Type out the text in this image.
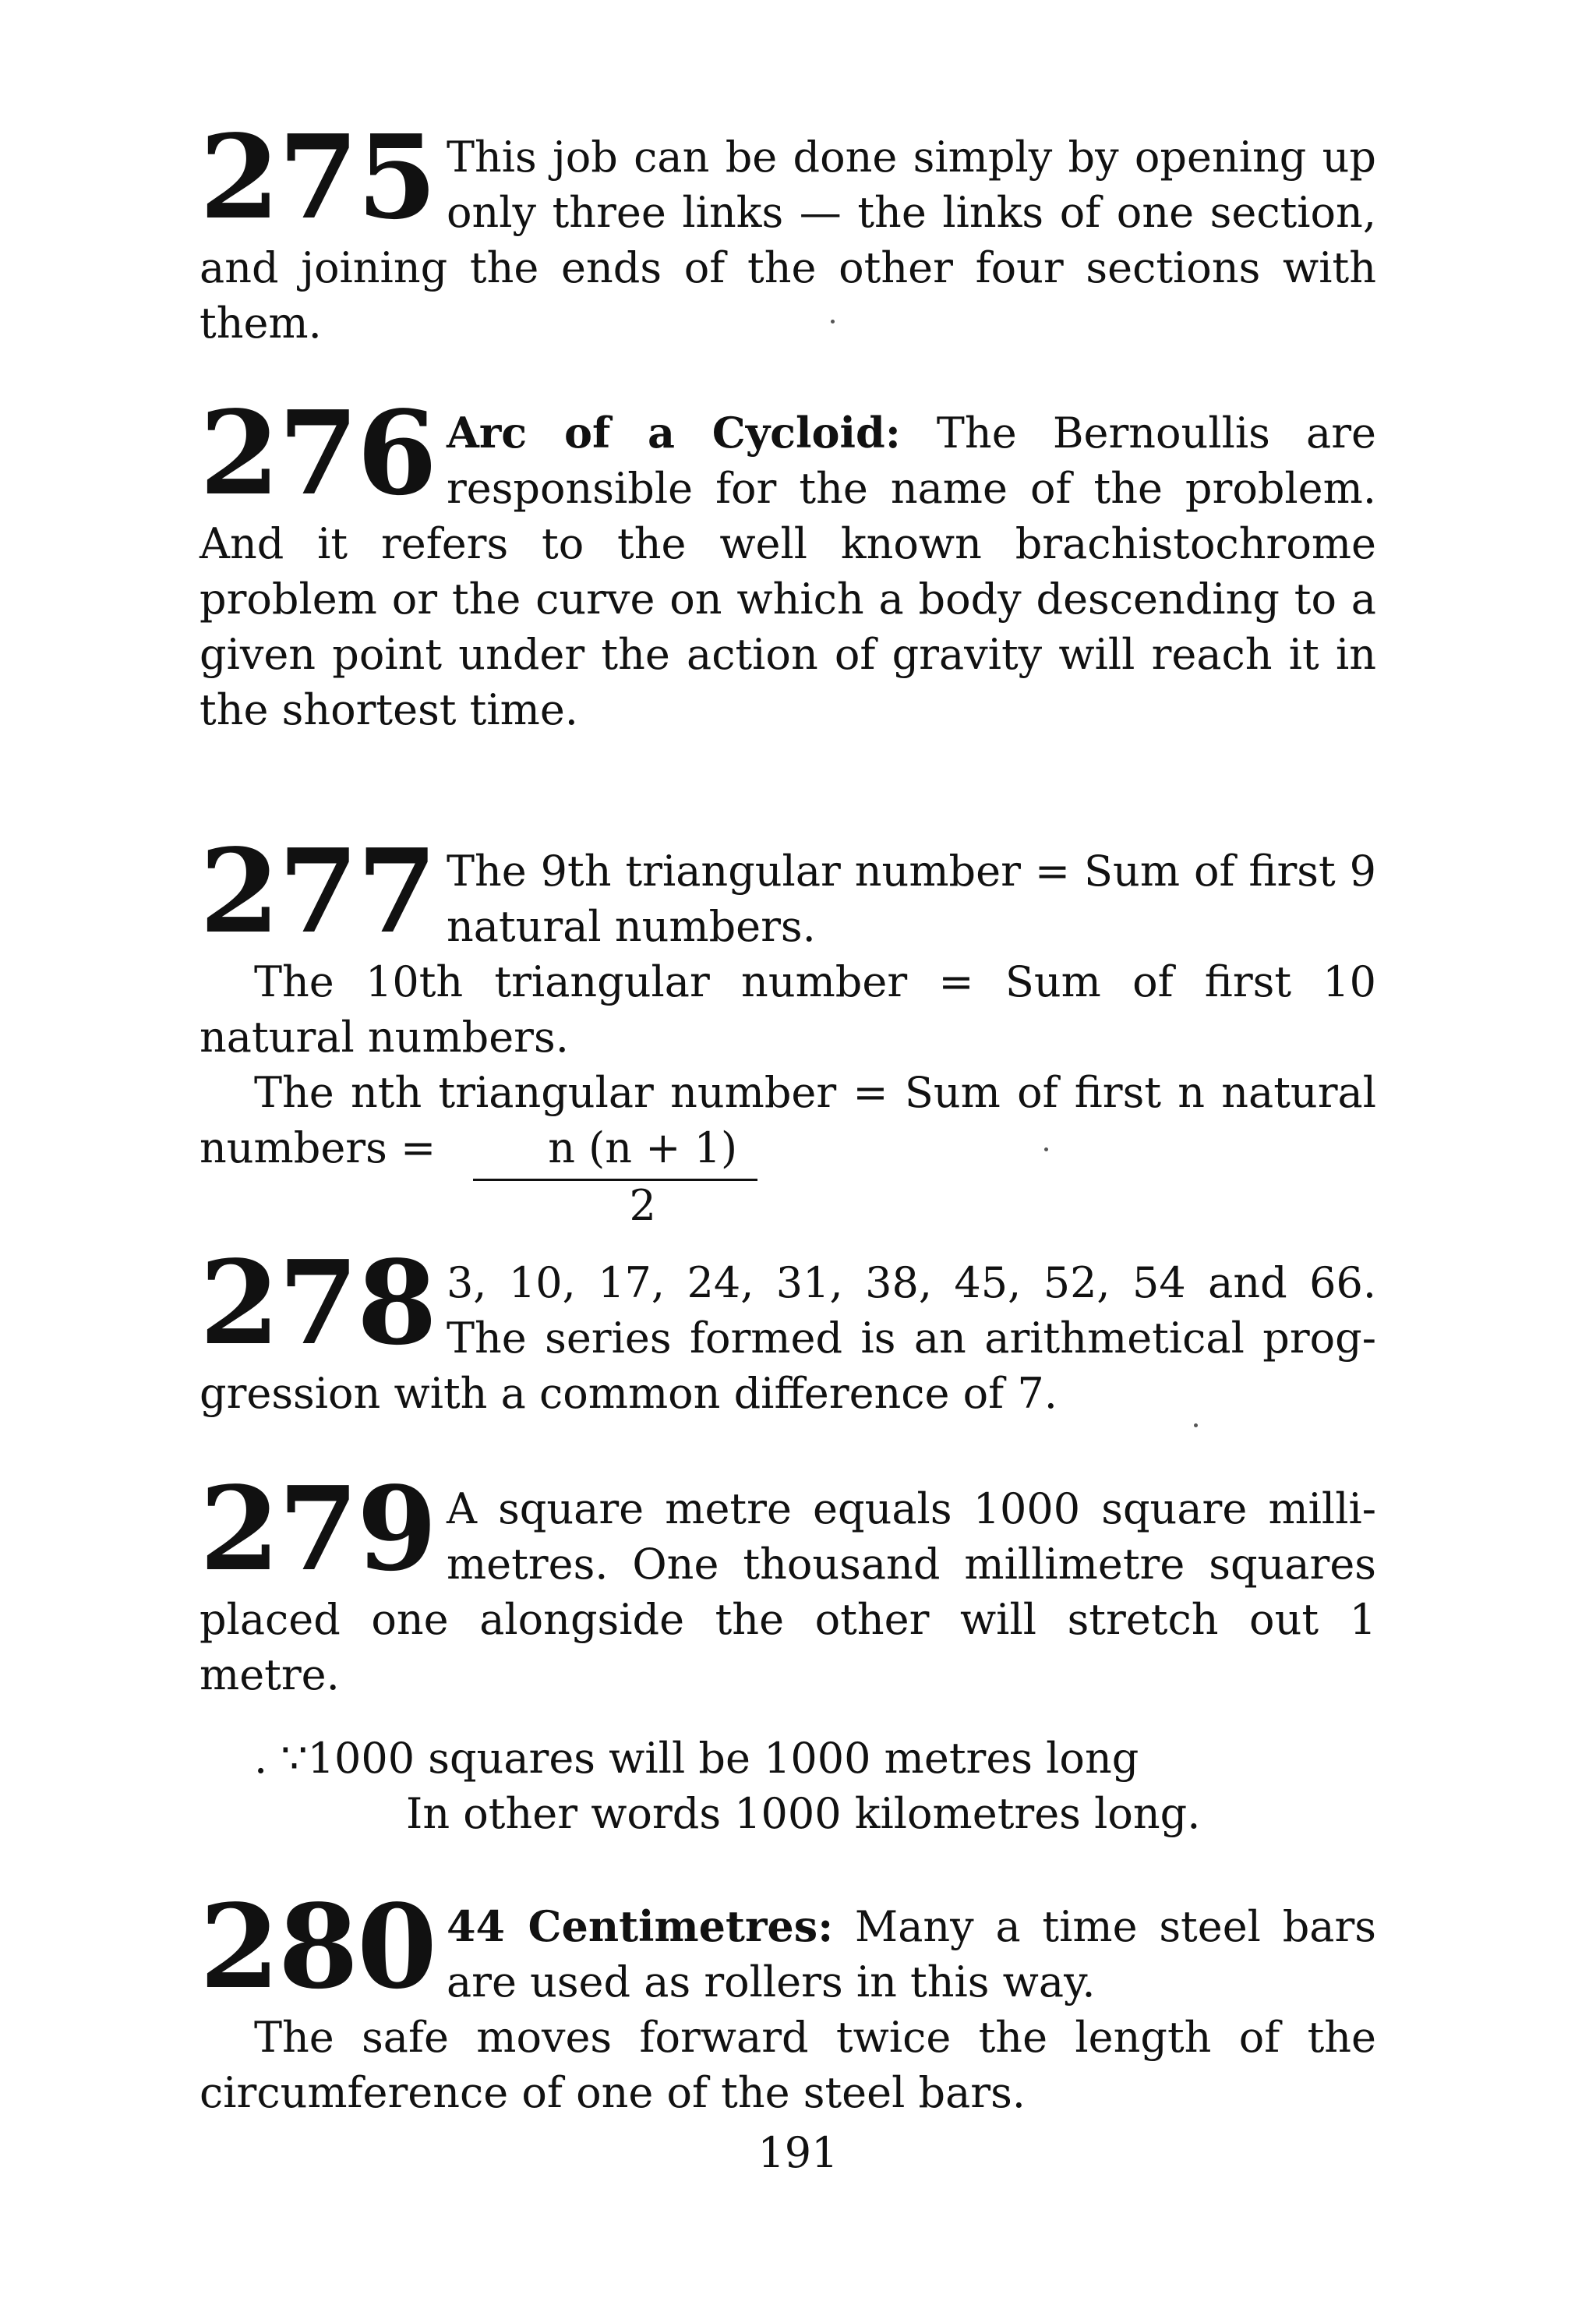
275 This job can be done simply by opening up only three links — the links of one section, and joining the ends of the other four sections with them.

276 Arc of a Cycloid: The Bernoullis are responsible for the name of the problem. And it refers to the well known brachistochrome problem or the curve on which a body descending to a given point under the action of gravity will reach it in the shortest time.

277 The 9th triangular number = Sum of first 9 natural numbers.

The 10th triangular number = Sum of first 10 natural numbers.

The nth triangular number = Sum of first n natural numbers = $\frac{n (n + 1)}{2}$

278 3, 10, 17, 24, 31, 38, 45, 52, 54 and 66. The series formed is an arithmetical prog- gression with a common difference of 7.

279 A square metre equals 1000 square milli- metres. One thousand millimetre squares placed one alongside the other will stretch out 1 metre.

. ∵1000 squares will be 1000 metres long

In other words 1000 kilometres long.

280 44 Centimetres: Many a time steel bars are used as rollers in this way.

The safe moves forward twice the length of the circumference of one of the steel bars.

191
